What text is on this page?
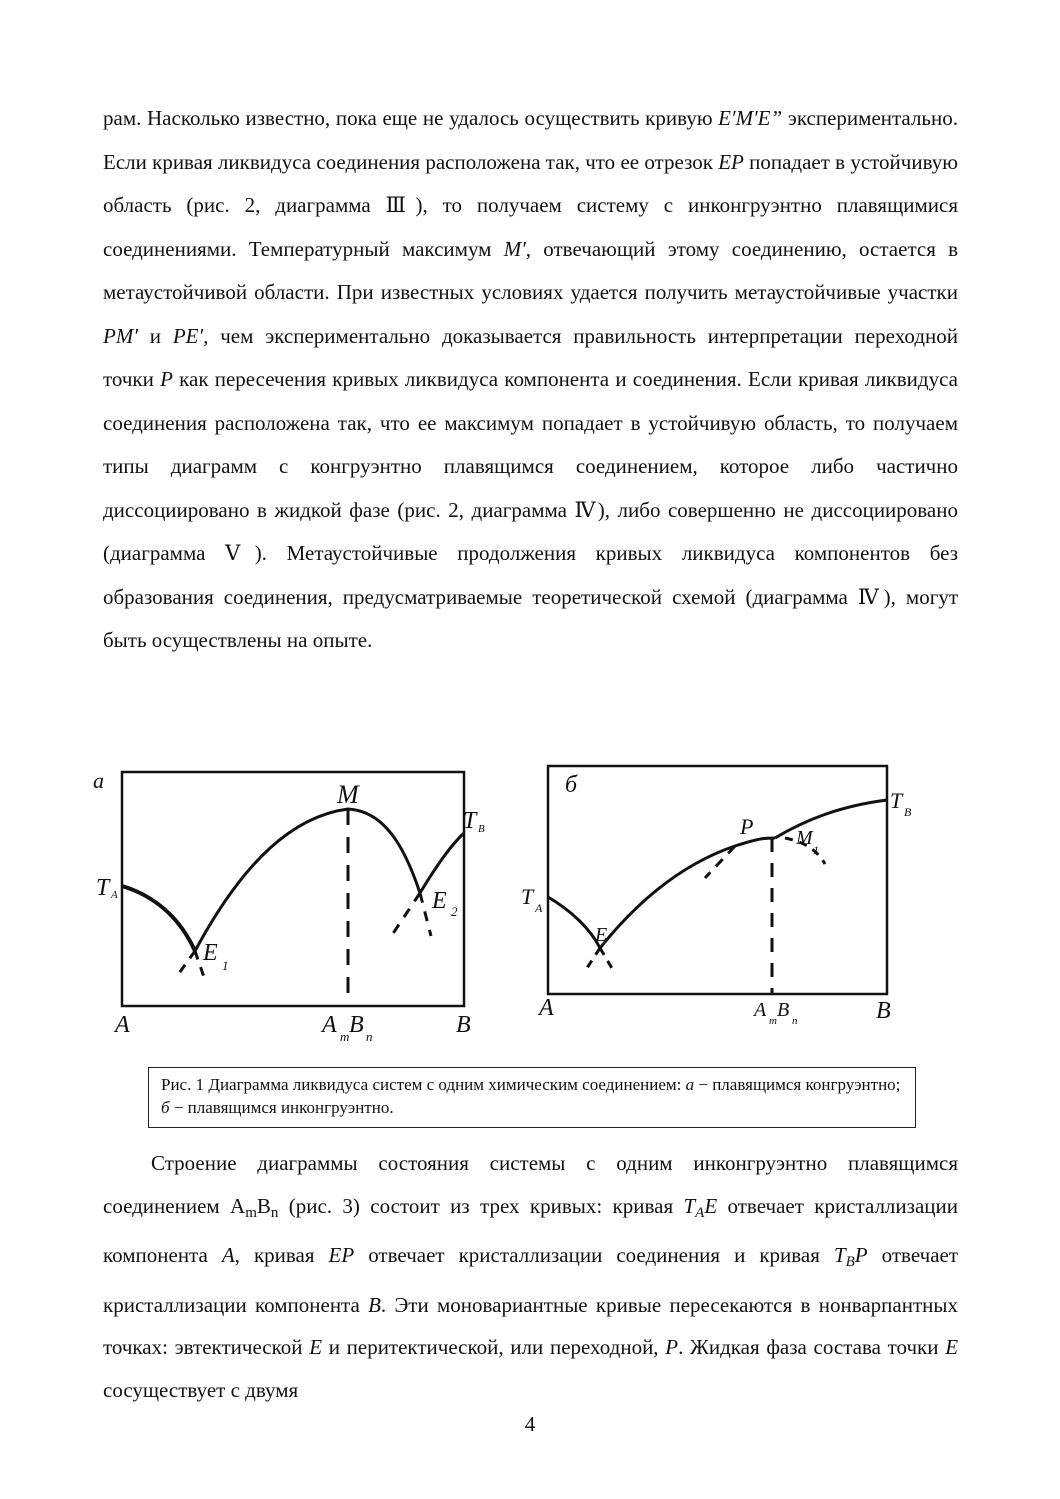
рам. Насколько известно, пока еще не удалось осуществить кривую E′M′E” экспериментально. Если кривая ликвидуса соединения расположена так, что ее отрезок EP попадает в устойчивую область (рис. 2, диаграмма Ⅲ), то получаем систему с инконгруэнтно плавящимися соединениями. Температурный максимум M′, отвечающий этому соединению, остается в метаустойчивой области. При известных условиях удается получить метаустойчивые участки PM′ и PE′, чем экспериментально доказывается правильность интерпретации переходной точки P как пересечения кривых ликвидуса компонента и соединения. Если кривая ликвидуса соединения расположена так, что ее максимум попадает в устойчивую область, то получаем типы диаграмм с конгруэнтно плавящимся соединением, которое либо частично диссоциировано в жидкой фазе (рис. 2, диаграмма Ⅳ), либо совершенно не диссоциировано (диаграмма Ⅴ). Метаустойчивые продолжения кривых ликвидуса компонентов без образования соединения, предусматриваемые теоретической схемой (диаграмма Ⅳ), могут быть осуществлены на опыте.

а	M
T B
T A
E 1
E 2
A	B
A m B n
б
P M
1
T B
T A
E
A	B
A m B n
Рис. 1 Диаграмма ликвидуса систем с одним химическим соединением: а − плавящимся конгруэнтно; б − плавящимся инконгруэнтно.

Строение диаграммы состояния системы с одним инконгруэнтно плавящимся соединением $A_mB_n$ (рис. 3) состоит из трех кривых: кривая $T_AE$ отвечает кристаллизации компонента A, кривая EP отвечает кристаллизации соединения и кривая $T_BP$ отвечает кристаллизации компонента B. Эти моновариантные кривые пересекаются в нонварпантных точках: эвтектической E и перитектической, или переходной, P. Жидкая фаза состава точки E сосуществует с двумя

4
